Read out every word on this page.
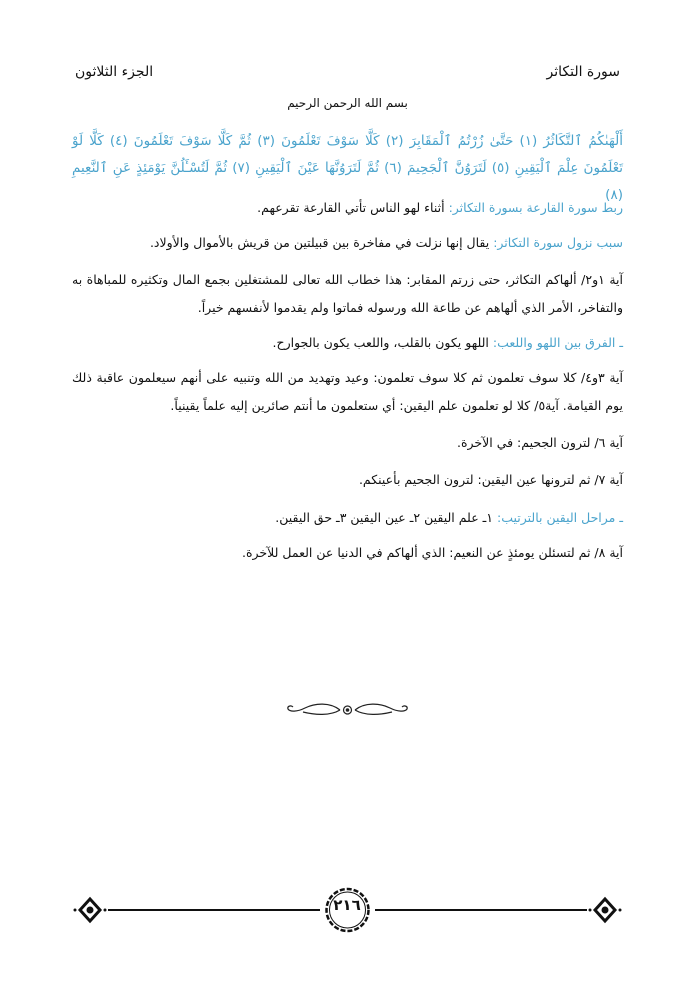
سورة التكاثر
الجزء الثلاثون
بسم الله الرحمن الرحيم
أَلْهَىٰكُمُ ٱلتَّكَاثُرُ (١) حَتَّىٰ زُرْتُمُ ٱلْمَقَابِرَ (٢) كَلَّا سَوْفَ تَعْلَمُونَ (٣) ثُمَّ كَلَّا سَوْفَ تَعْلَمُونَ (٤) كَلَّا لَوْ تَعْلَمُونَ عِلْمَ ٱلْيَقِينِ (٥) لَتَرَوُنَّ ٱلْجَحِيمَ (٦) ثُمَّ لَتَرَوُنَّهَا عَيْنَ ٱلْيَقِينِ (٧) ثُمَّ لَتُسْـَٔلُنَّ يَوْمَئِذٍ عَنِ ٱلنَّعِيمِ (٨)
ربط سورة القارعة بسورة التكاثر: أثناء لهو الناس تأتي القارعة تقرعهم.
سبب نزول سورة التكاثر: يقال إنها نزلت في مفاخرة بين قبيلتين من قريش بالأموال والأولاد.
آية ١و٢/ ألهاكم التكاثر، حتى زرتم المقابر: هذا خطاب الله تعالى للمشتغلين بجمع المال وتكثيره للمباهاة به والتفاخر، الأمر الذي ألهاهم عن طاعة الله ورسوله فماتوا ولم يقدموا لأنفسهم خيراً.
ـ الفرق بين اللهو واللعب: اللهو يكون بالقلب، واللعب يكون بالجوارح.
آية ٣و٤/ كلا سوف تعلمون ثم كلا سوف تعلمون: وعيد وتهديد من الله وتنبيه على أنهم سيعلمون عاقبة ذلك يوم القيامة. آية٥/ كلا لو تعلمون علم اليقين: أي ستعلمون ما أنتم صائرين إليه علماً يقينياً.
آية ٦/ لترون الجحيم: في الآخرة.
آية ٧/ ثم لترونها عين اليقين: لترون الجحيم بأعينكم.
ـ مراحل اليقين بالترتيب: ١ـ علم اليقين ٢ـ عين اليقين ٣ـ حق اليقين.
آية ٨/ ثم لتسئلن يومئذٍ عن النعيم: الذي ألهاكم في الدنيا عن العمل للآخرة.
٢١٦
